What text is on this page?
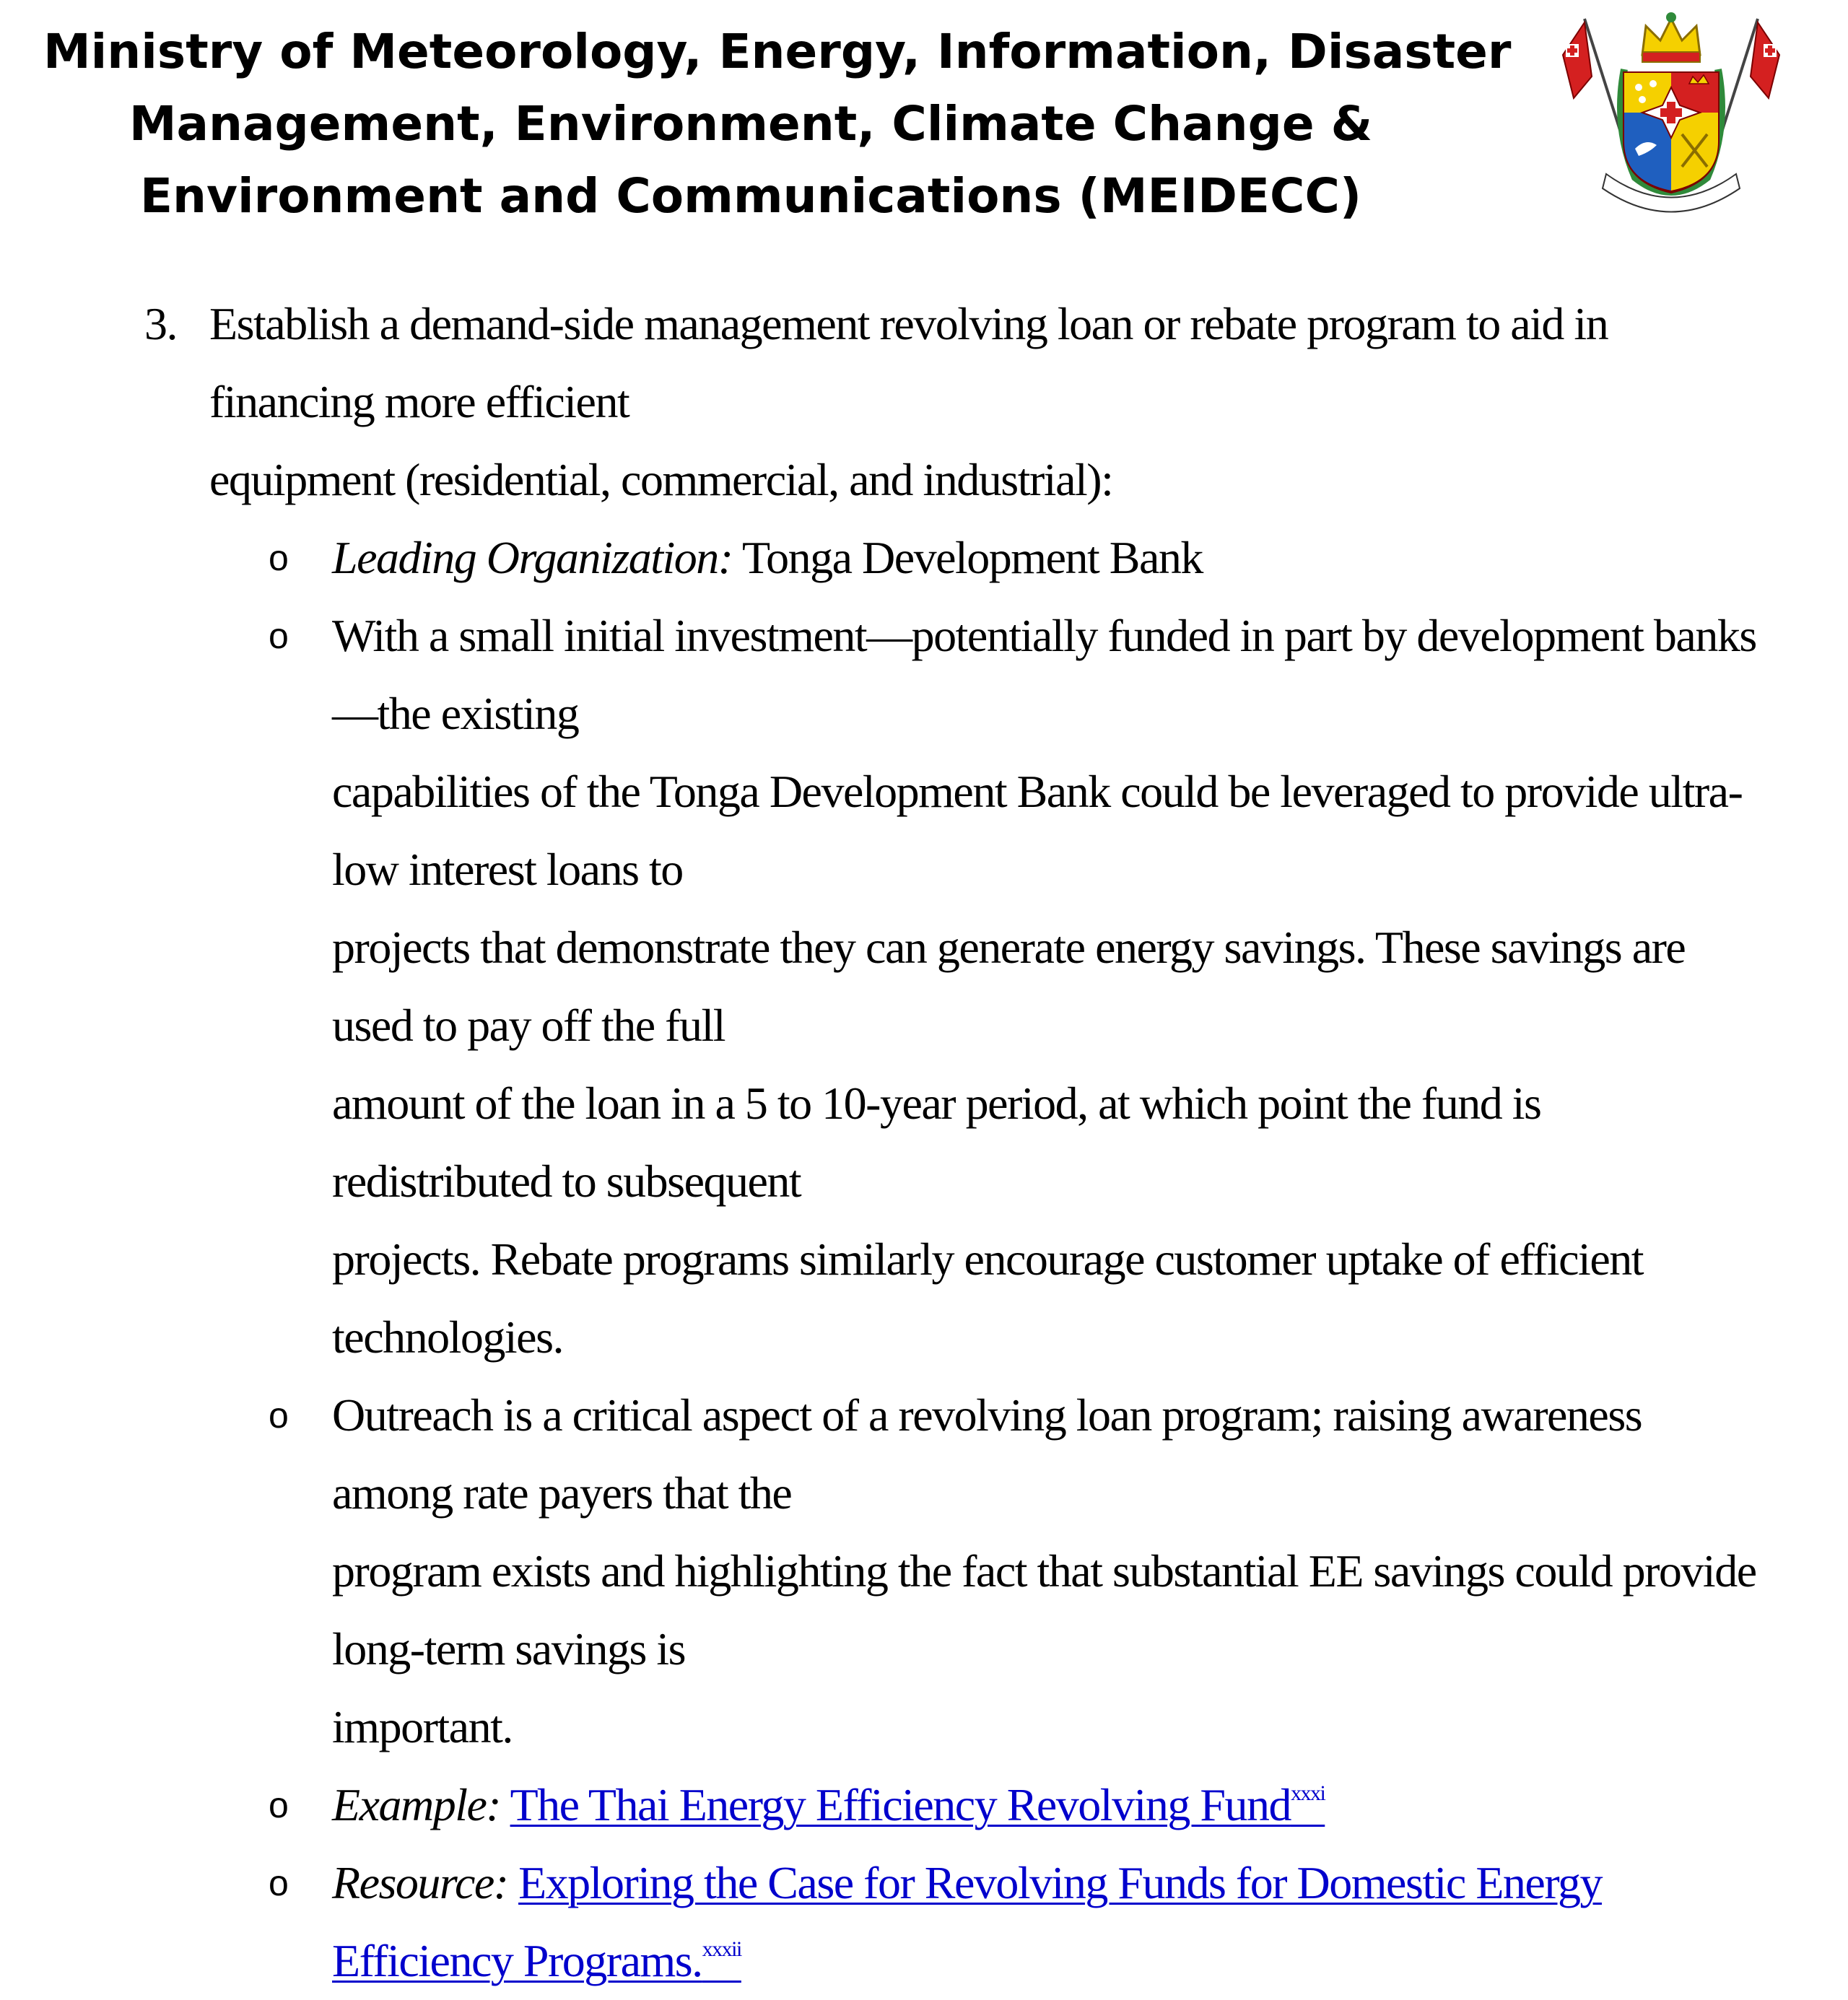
Ministry of Meteorology, Energy, Information, Disaster
Management, Environment, Climate Change &
Environment and Communications (MEIDECC)
3. Establish a demand-side management revolving loan or rebate program to aid in financing more efficient
equipment (residential, commercial, and industrial):
o Leading Organization: Tonga Development Bank
o With a small initial investment—potentially funded in part by development banks—the existing
capabilities of the Tonga Development Bank could be leveraged to provide ultra-low interest loans to
projects that demonstrate they can generate energy savings. These savings are used to pay off the full
amount of the loan in a 5 to 10-year period, at which point the fund is redistributed to subsequent
projects. Rebate programs similarly encourage customer uptake of efficient technologies.
o Outreach is a critical aspect of a revolving loan program; raising awareness among rate payers that the
program exists and highlighting the fact that substantial EE savings could provide long-term savings is
important.
o Example: The Thai Energy Efficiency Revolving Fund$^{xxxi}$
o Resource: Exploring the Case for Revolving Funds for Domestic Energy Efficiency Programs.$^{xxxii}$
